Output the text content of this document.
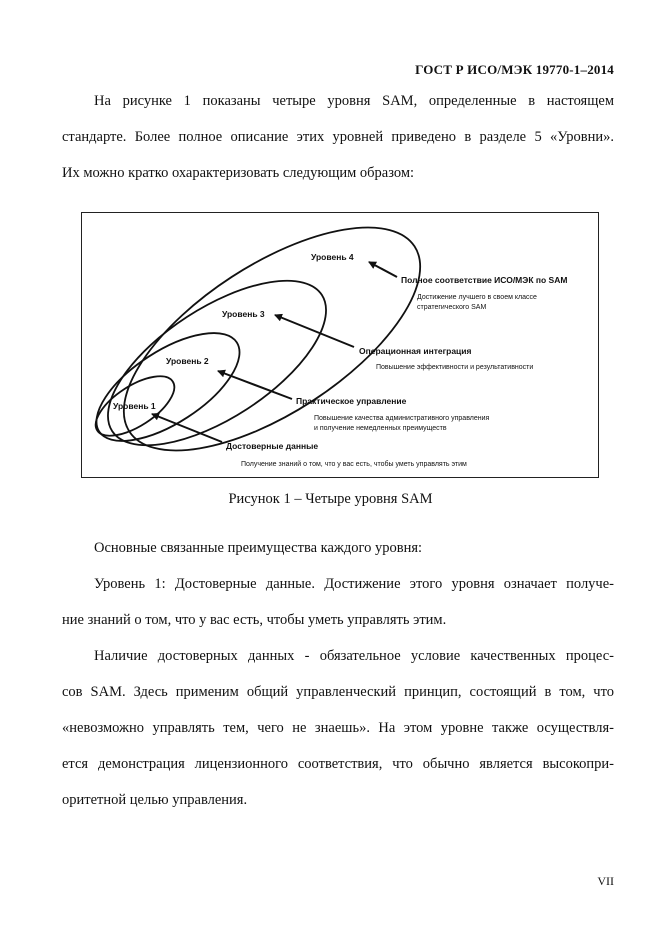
ГОСТ Р ИСО/МЭК 19770-1–2014
На рисунке 1 показаны четыре уровня SAM, определенные в настоящем
стандарте. Более полное описание этих уровней приведено в разделе 5 «Уровни».
Их можно кратко охарактеризовать следующим образом:
Уровень 4
Уровень 3
Уровень 2
Уровень 1
Полное соответствие ИСО/МЭК по SAM
Достижение лучшего в своем классе
стратегического SAM
Операционная интеграция
Повышение эффективности и результативности
Практическое управление
Повышение качества административного управления
и получение немедленных преимуществ
Достоверные данные
Получение знаний о том, что у вас есть, чтобы уметь управлять этим
Рисунок 1 – Четыре уровня SAM
Основные связанные преимущества каждого уровня:
Уровень 1: Достоверные данные. Достижение этого уровня означает получе-
ние знаний о том, что у вас есть, чтобы уметь управлять этим.
Наличие достоверных данных - обязательное условие качественных процес-
сов SAM. Здесь применим общий управленческий принцип, состоящий в том, что
«невозможно управлять тем, чего не знаешь». На этом уровне также осуществля-
ется демонстрация лицензионного соответствия, что обычно является высокопри-
оритетной целью управления.
VII
